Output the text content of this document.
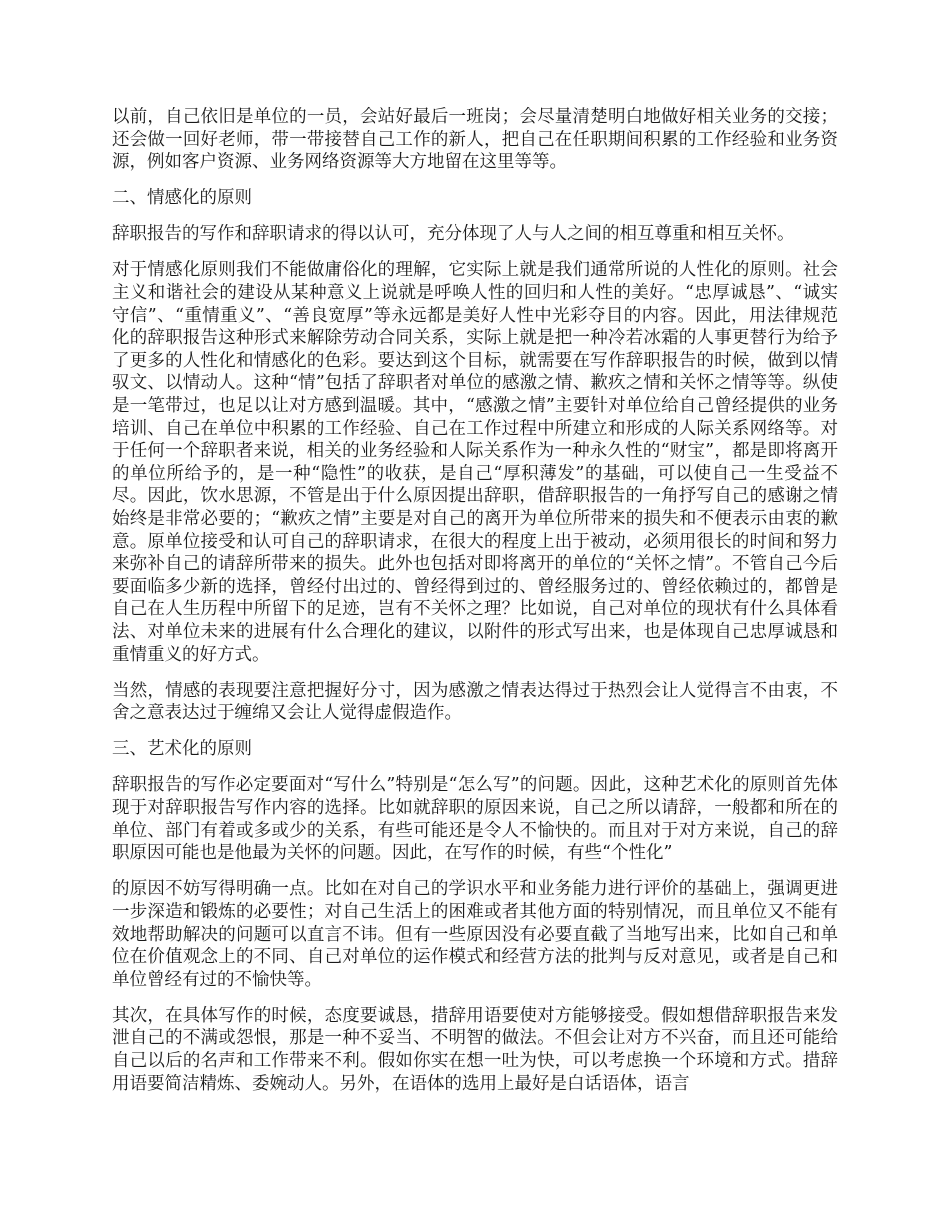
以前，自己依旧是单位的一员，会站好最后一班岗；会尽量清楚明白地做好相关业务的交接；还会做一回好老师，带一带接替自己工作的新人，把自己在任职期间积累的工作经验和业务资源，例如客户资源、业务网络资源等大方地留在这里等等。

二、情感化的原则

辞职报告的写作和辞职请求的得以认可，充分体现了人与人之间的相互尊重和相互关怀。

对于情感化原则我们不能做庸俗化的理解，它实际上就是我们通常所说的人性化的原则。社会主义和谐社会的建设从某种意义上说就是呼唤人性的回归和人性的美好。“忠厚诚恳”、“诚实守信”、“重情重义”、“善良宽厚”等永远都是美好人性中光彩夺目的内容。因此，用法律规范化的辞职报告这种形式来解除劳动合同关系，实际上就是把一种冷若冰霜的人事更替行为给予了更多的人性化和情感化的色彩。要达到这个目标，就需要在写作辞职报告的时候，做到以情驭文、以情动人。这种“情”包括了辞职者对单位的感激之情、歉疚之情和关怀之情等等。纵使是一笔带过，也足以让对方感到温暖。其中，“感激之情”主要针对单位给自己曾经提供的业务培训、自己在单位中积累的工作经验、自己在工作过程中所建立和形成的人际关系网络等。对于任何一个辞职者来说，相关的业务经验和人际关系作为一种永久性的“财宝”，都是即将离开的单位所给予的，是一种“隐性”的收获，是自己“厚积薄发”的基础，可以使自己一生受益不尽。因此，饮水思源，不管是出于什么原因提出辞职，借辞职报告的一角抒写自己的感谢之情始终是非常必要的；“歉疚之情”主要是对自己的离开为单位所带来的损失和不便表示由衷的歉意。原单位接受和认可自己的辞职请求，在很大的程度上出于被动，必须用很长的时间和努力来弥补自己的请辞所带来的损失。此外也包括对即将离开的单位的“关怀之情”。不管自己今后要面临多少新的选择，曾经付出过的、曾经得到过的、曾经服务过的、曾经依赖过的，都曾是自己在人生历程中所留下的足迹，岂有不关怀之理？比如说，自己对单位的现状有什么具体看法、对单位未来的进展有什么合理化的建议，以附件的形式写出来，也是体现自己忠厚诚恳和重情重义的好方式。

当然，情感的表现要注意把握好分寸，因为感激之情表达得过于热烈会让人觉得言不由衷，不舍之意表达过于缠绵又会让人觉得虚假造作。

三、艺术化的原则

辞职报告的写作必定要面对“写什么”特别是“怎么写”的问题。因此，这种艺术化的原则首先体现于对辞职报告写作内容的选择。比如就辞职的原因来说，自己之所以请辞，一般都和所在的单位、部门有着或多或少的关系，有些可能还是令人不愉快的。而且对于对方来说，自己的辞职原因可能也是他最为关怀的问题。因此，在写作的时候，有些“个性化”

的原因不妨写得明确一点。比如在对自己的学识水平和业务能力进行评价的基础上，强调更进一步深造和锻炼的必要性；对自己生活上的困难或者其他方面的特别情况，而且单位又不能有效地帮助解决的问题可以直言不讳。但有一些原因没有必要直截了当地写出来，比如自己和单位在价值观念上的不同、自己对单位的运作模式和经营方法的批判与反对意见，或者是自己和单位曾经有过的不愉快等。

其次，在具体写作的时候，态度要诚恳，措辞用语要使对方能够接受。假如想借辞职报告来发泄自己的不满或怨恨，那是一种不妥当、不明智的做法。不但会让对方不兴奋，而且还可能给自己以后的名声和工作带来不利。假如你实在想一吐为快，可以考虑换一个环境和方式。措辞用语要简洁精炼、委婉动人。另外，在语体的选用上最好是白话语体，语言
